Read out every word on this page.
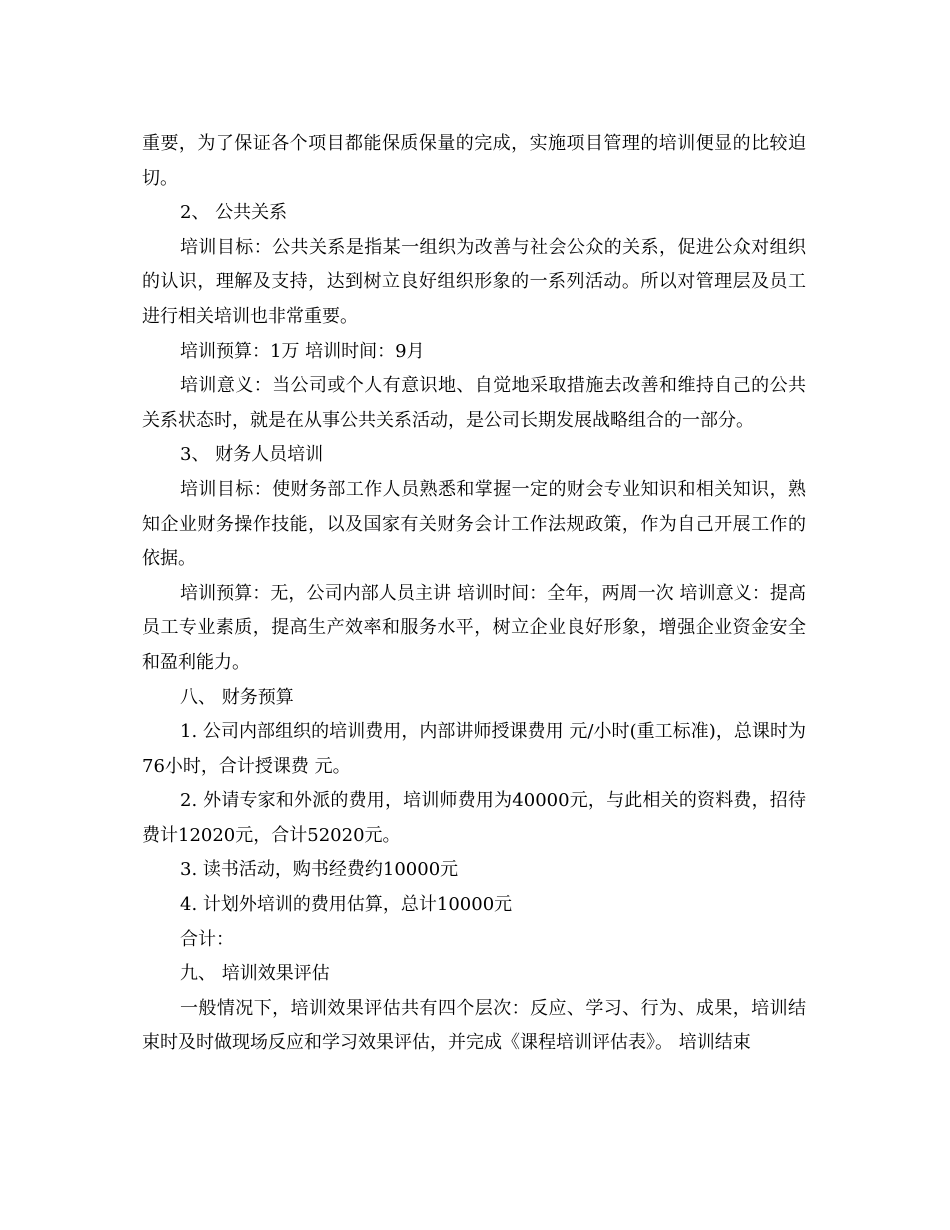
重要，为了保证各个项目都能保质保量的完成，实施项目管理的培训便显的比较迫切。

2、 公共关系

培训目标：公共关系是指某一组织为改善与社会公众的关系，促进公众对组织的认识，理解及支持，达到树立良好组织形象的一系列活动。所以对管理层及员工进行相关培训也非常重要。

培训预算：1万 培训时间：9月

培训意义：当公司或个人有意识地、自觉地采取措施去改善和维持自己的公共关系状态时，就是在从事公共关系活动，是公司长期发展战略组合的一部分。

3、 财务人员培训

培训目标：使财务部工作人员熟悉和掌握一定的财会专业知识和相关知识，熟知企业财务操作技能，以及国家有关财务会计工作法规政策，作为自己开展工作的依据。

培训预算：无，公司内部人员主讲 培训时间：全年，两周一次 培训意义：提高员工专业素质，提高生产效率和服务水平，树立企业良好形象，增强企业资金安全和盈利能力。

八、 财务预算

1. 公司内部组织的培训费用，内部讲师授课费用 元/小时(重工标准)，总课时为76小时，合计授课费 元。

2. 外请专家和外派的费用，培训师费用为40000元，与此相关的资料费，招待费计12020元，合计52020元。

3. 读书活动，购书经费约10000元

4. 计划外培训的费用估算，总计10000元

合计：

九、 培训效果评估

一般情况下，培训效果评估共有四个层次：反应、学习、行为、成果，培训结束时及时做现场反应和学习效果评估，并完成《课程培训评估表》。 培训结束
